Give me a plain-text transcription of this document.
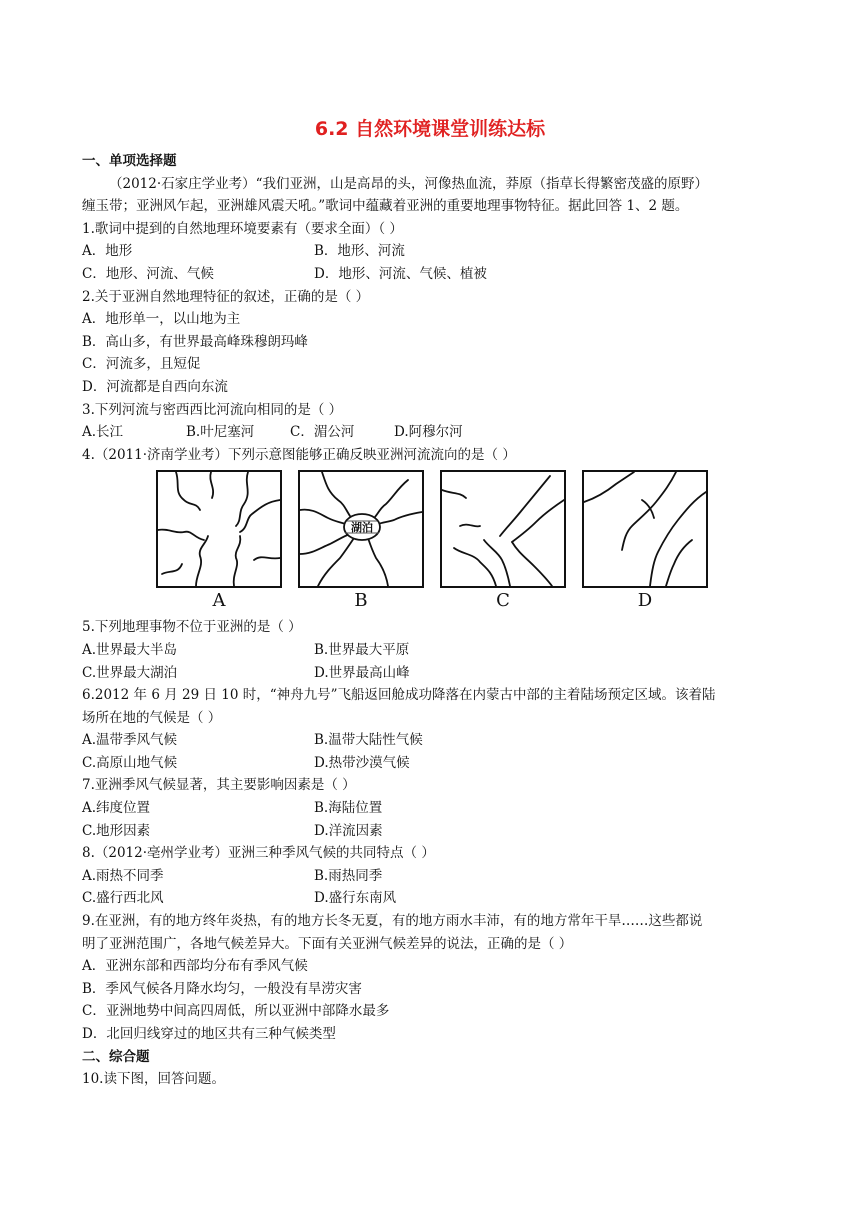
6.2 自然环境课堂训练达标
一、单项选择题
（2012·石家庄学业考）“我们亚洲，山是高昂的头，河像热血流，莽原（指草长得繁密茂盛的原野）
缠玉带；亚洲风乍起，亚洲雄风震天吼。”歌词中蕴藏着亚洲的重要地理事物特征。据此回答 1、2 题。
1.歌词中提到的自然地理环境要素有（要求全面）（ ）
A．地形	B．地形、河流
C．地形、河流、气候	D．地形、河流、气候、植被
2.关于亚洲自然地理特征的叙述，正确的是（ ）
A．地形单一，以山地为主
B．高山多，有世界最高峰珠穆朗玛峰
C．河流多，且短促
D．河流都是自西向东流
3.下列河流与密西西比河流向相同的是（ ）
A.长江	B.叶尼塞河	C．湄公河	D.阿穆尔河
4.（2011·济南学业考）下列示意图能够正确反映亚洲河流流向的是（ ）
A
湖泊
B	C	D
5.下列地理事物不位于亚洲的是（ ）
A.世界最大半岛	B.世界最大平原
C.世界最大湖泊	D.世界最高山峰
6.2012 年 6 月 29 日 10 时，“神舟九号”飞船返回舱成功降落在内蒙古中部的主着陆场预定区域。该着陆
场所在地的气候是（ ）
A.温带季风气候	B.温带大陆性气候
C.高原山地气候	D.热带沙漠气候
7.亚洲季风气候显著，其主要影响因素是（ ）
A.纬度位置	B.海陆位置
C.地形因素	D.洋流因素
8.（2012·亳州学业考）亚洲三种季风气候的共同特点（ ）
A.雨热不同季	B.雨热同季
C.盛行西北风	D.盛行东南风
9.在亚洲，有的地方终年炎热，有的地方长冬无夏，有的地方雨水丰沛，有的地方常年干旱……这些都说
明了亚洲范围广，各地气候差异大。下面有关亚洲气候差异的说法，正确的是（ ）
A．亚洲东部和西部均分布有季风气候
B．季风气候各月降水均匀，一般没有旱涝灾害
C．亚洲地势中间高四周低，所以亚洲中部降水最多
D．北回归线穿过的地区共有三种气候类型
二、综合题
10.读下图，回答问题。
